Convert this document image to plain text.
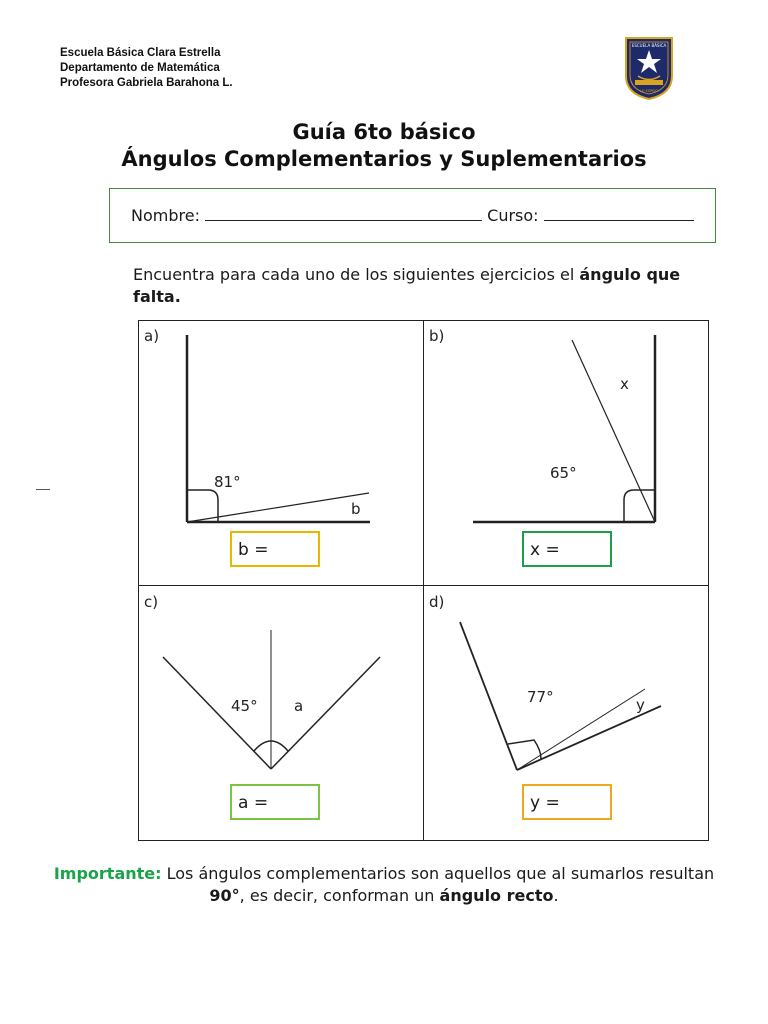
Escuela Básica Clara Estrella
Departamento de Matemática
Profesora Gabriela Barahona L.
ESCUELA BÁSICA
LO ESPEJO
Guía 6to básico
Ángulos Complementarios y Suplementarios
Nombre:	Curso:
Encuentra para cada uno de los siguientes ejercicios el ángulo que falta.
a)
81°
b
b)
65°
x
c)
45° a
d)
77°	y
b =	x =
a =	y =
Importante: Los ángulos complementarios son aquellos que al sumarlos resultan 90°, es decir, conforman un ángulo recto.
